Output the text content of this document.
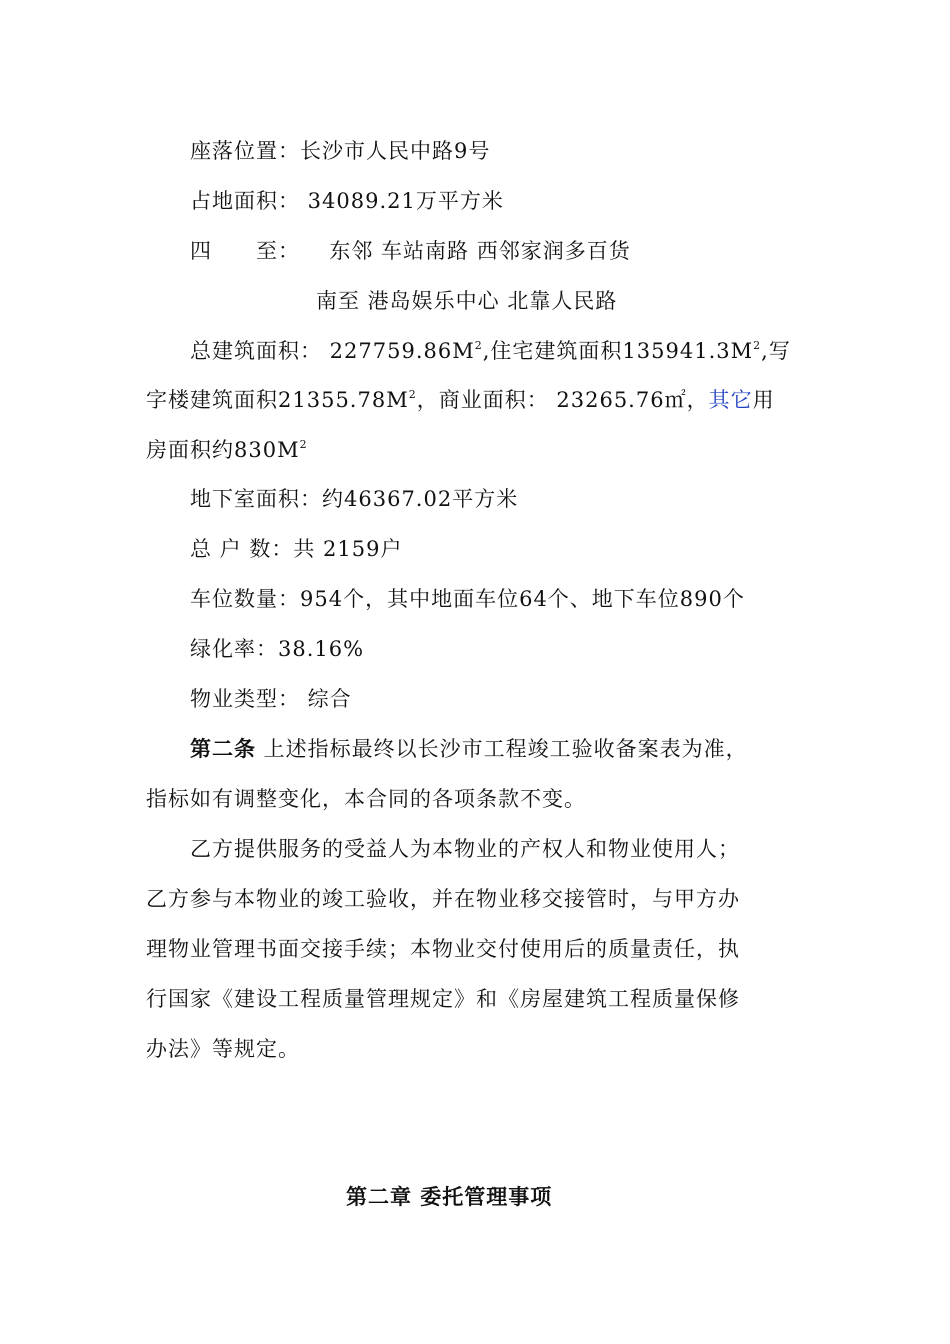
座落位置：长沙市人民中路9号
占地面积： 34089.21万平方米
四　　至： 东邻 车站南路 西邻家润多百货
南至 港岛娱乐中心 北靠人民路
总建筑面积： $227759.86M^2$,住宅建筑面积$135941.3M^2$,写
字楼建筑面积$21355.78M^2$，商业面积： 23265.76㎡，其它用
房面积约$830M^2$
地下室面积：约46367.02平方米
总 户 数：共 2159户
车位数量：954个，其中地面车位64个、地下车位890个
绿化率：38.16%
物业类型： 综合
第二条 上述指标最终以长沙市工程竣工验收备案表为准，
指标如有调整变化，本合同的各项条款不变。
乙方提供服务的受益人为本物业的产权人和物业使用人；
乙方参与本物业的竣工验收，并在物业移交接管时，与甲方办
理物业管理书面交接手续；本物业交付使用后的质量责任，执
行国家《建设工程质量管理规定》和《房屋建筑工程质量保修
办法》等规定。
第二章 委托管理事项
